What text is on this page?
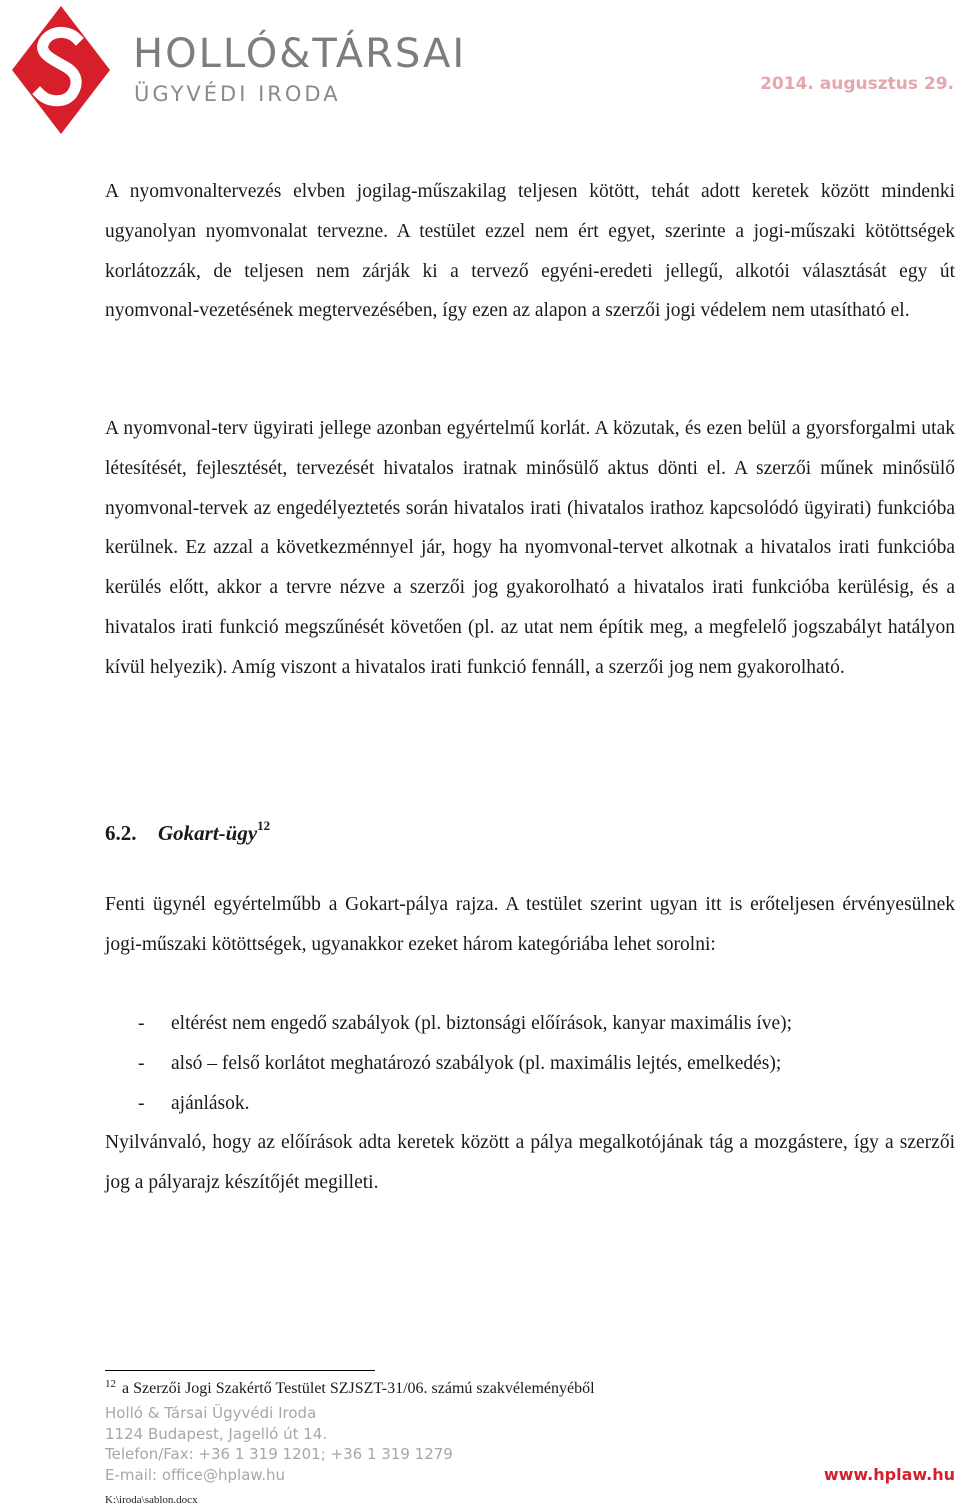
HOLLÓ&TÁRSAI
ÜGYVÉDI IRODA	2014. augusztus 29.

A nyomvonaltervezés elvben jogilag-műszakilag teljesen kötött, tehát adott keretek között mindenki ugyanolyan nyomvonalat tervezne. A testület ezzel nem ért egyet, szerinte a jogi-műszaki kötöttségek korlátozzák, de teljesen nem zárják ki a tervező egyéni-eredeti jellegű, alkotói választását egy út nyomvonal-vezetésének megtervezésében, így ezen az alapon a szerzői jogi védelem nem utasítható el.

A nyomvonal-terv ügyirati jellege azonban egyértelmű korlát. A közutak, és ezen belül a gyorsforgalmi utak létesítését, fejlesztését, tervezését hivatalos iratnak minősülő aktus dönti el. A szerzői műnek minősülő nyomvonal-tervek az engedélyeztetés során hivatalos irati (hivatalos irathoz kapcsolódó ügyirati) funkcióba kerülnek. Ez azzal a következménnyel jár, hogy ha nyomvonal-tervet alkotnak a hivatalos irati funkcióba kerülés előtt, akkor a tervre nézve a szerzői jog gyakorolható a hivatalos irati funkcióba kerülésig, és a hivatalos irati funkció megszűnését követően (pl. az utat nem építik meg, a megfelelő jogszabályt hatályon kívül helyezik). Amíg viszont a hivatalos irati funkció fennáll, a szerzői jog nem gyakorolható.

6.2. Gokart-ügy$^{12}$

Fenti ügynél egyértelműbb a Gokart-pálya rajza. A testület szerint ugyan itt is erőteljesen érvényesülnek jogi-műszaki kötöttségek, ugyanakkor ezeket három kategóriába lehet sorolni:

- eltérést nem engedő szabályok (pl. biztonsági előírások, kanyar maximális íve);
- alsó – felső korlátot meghatározó szabályok (pl. maximális lejtés, emelkedés);
- ajánlások.

Nyilvánvaló, hogy az előírások adta keretek között a pálya megalkotójának tág a mozgástere, így a szerzői jog a pályarajz készítőjét megilleti.

$^{12}$ a Szerzői Jogi Szakértő Testület SZJSZT-31/06. számú szakvéleményéből
Holló & Társai Ügyvédi Iroda
1124 Budapest, Jagelló út 14.
Telefon/Fax: +36 1 319 1201; +36 1 319 1279
E-mail: office@hplaw.hu	www.hplaw.hu
K:\iroda\sablon.docx
